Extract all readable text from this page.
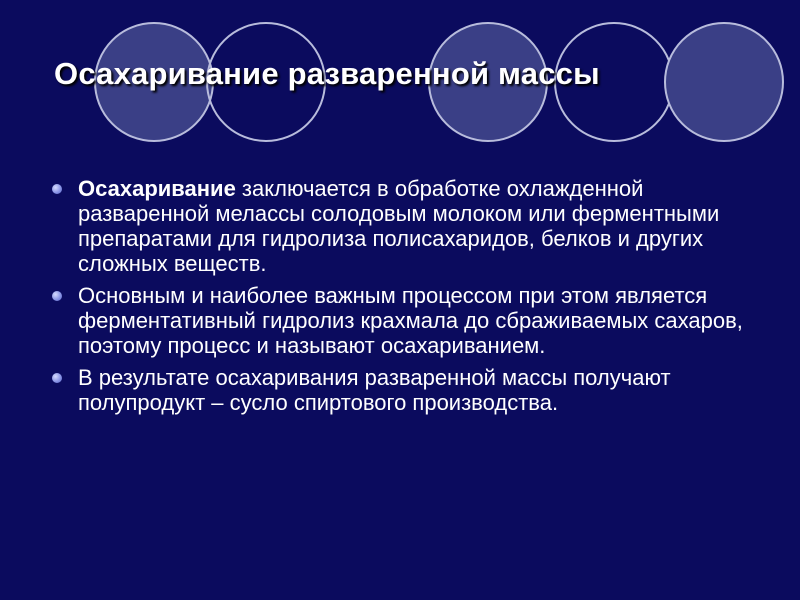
Осахаривание разваренной массы
Осахаривание заключается в обработке охлажденной разваренной мелассы солодовым молоком или ферментными препаратами для гидролиза полисахаридов, белков и других сложных веществ.
Основным и наиболее важным процессом при этом является ферментативный гидролиз крахмала до сбраживаемых сахаров, поэтому процесс и называют осахариванием.
В результате осахаривания разваренной массы получают полупродукт – сусло спиртового производства.
